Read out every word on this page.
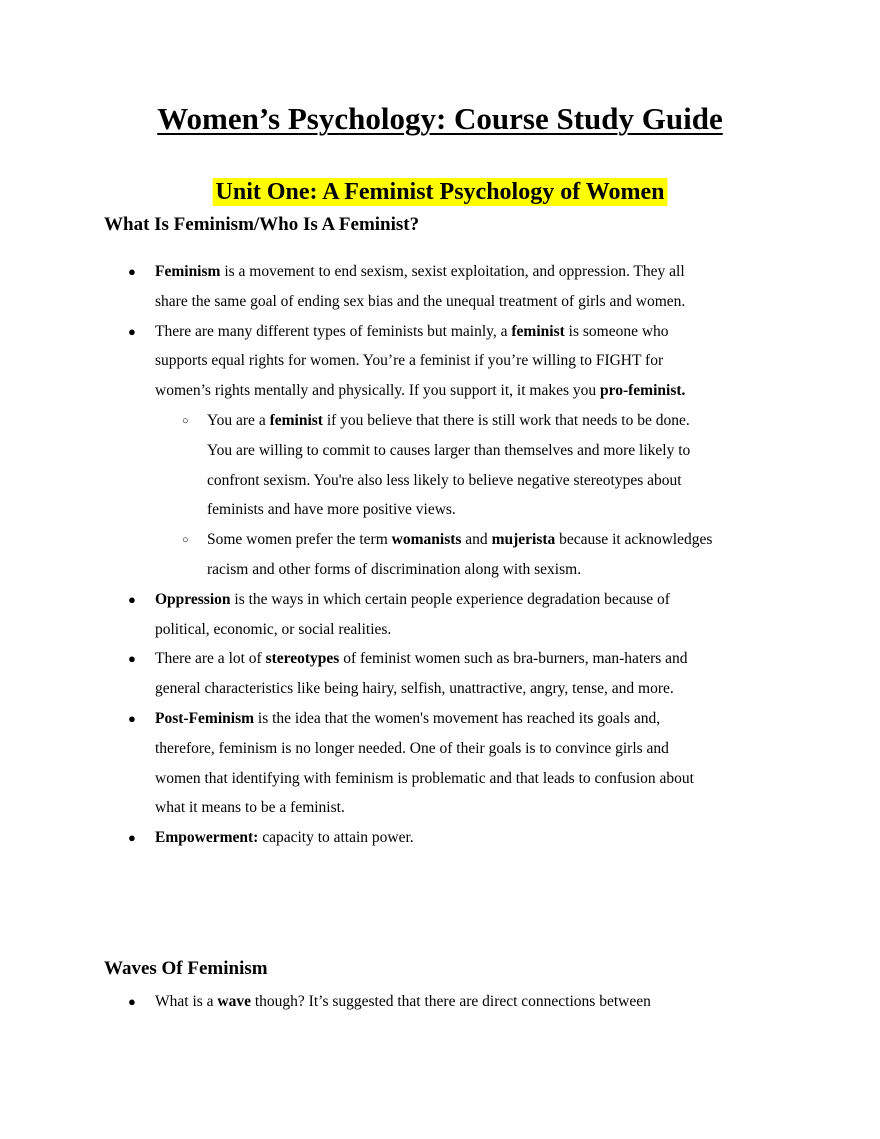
Women’s Psychology: Course Study Guide
Unit One: A Feminist Psychology of Women
What Is Feminism/Who Is A Feminist?
● Feminism is a movement to end sexism, sexist exploitation, and oppression. They all
share the same goal of ending sex bias and the unequal treatment of girls and women.
● There are many different types of feminists but mainly, a feminist is someone who
supports equal rights for women. You’re a feminist if you’re willing to FIGHT for
women’s rights mentally and physically. If you support it, it makes you pro-feminist.
○ You are a feminist if you believe that there is still work that needs to be done.
You are willing to commit to causes larger than themselves and more likely to
confront sexism. You're also less likely to believe negative stereotypes about
feminists and have more positive views.
○ Some women prefer the term womanists and mujerista because it acknowledges
racism and other forms of discrimination along with sexism.
● Oppression is the ways in which certain people experience degradation because of
political, economic, or social realities.
● There are a lot of stereotypes of feminist women such as bra-burners, man-haters and
general characteristics like being hairy, selfish, unattractive, angry, tense, and more.
● Post-Feminism is the idea that the women's movement has reached its goals and,
therefore, feminism is no longer needed. One of their goals is to convince girls and
women that identifying with feminism is problematic and that leads to confusion about
what it means to be a feminist.
● Empowerment: capacity to attain power.
Waves Of Feminism
● What is a wave though? It’s suggested that there are direct connections between
